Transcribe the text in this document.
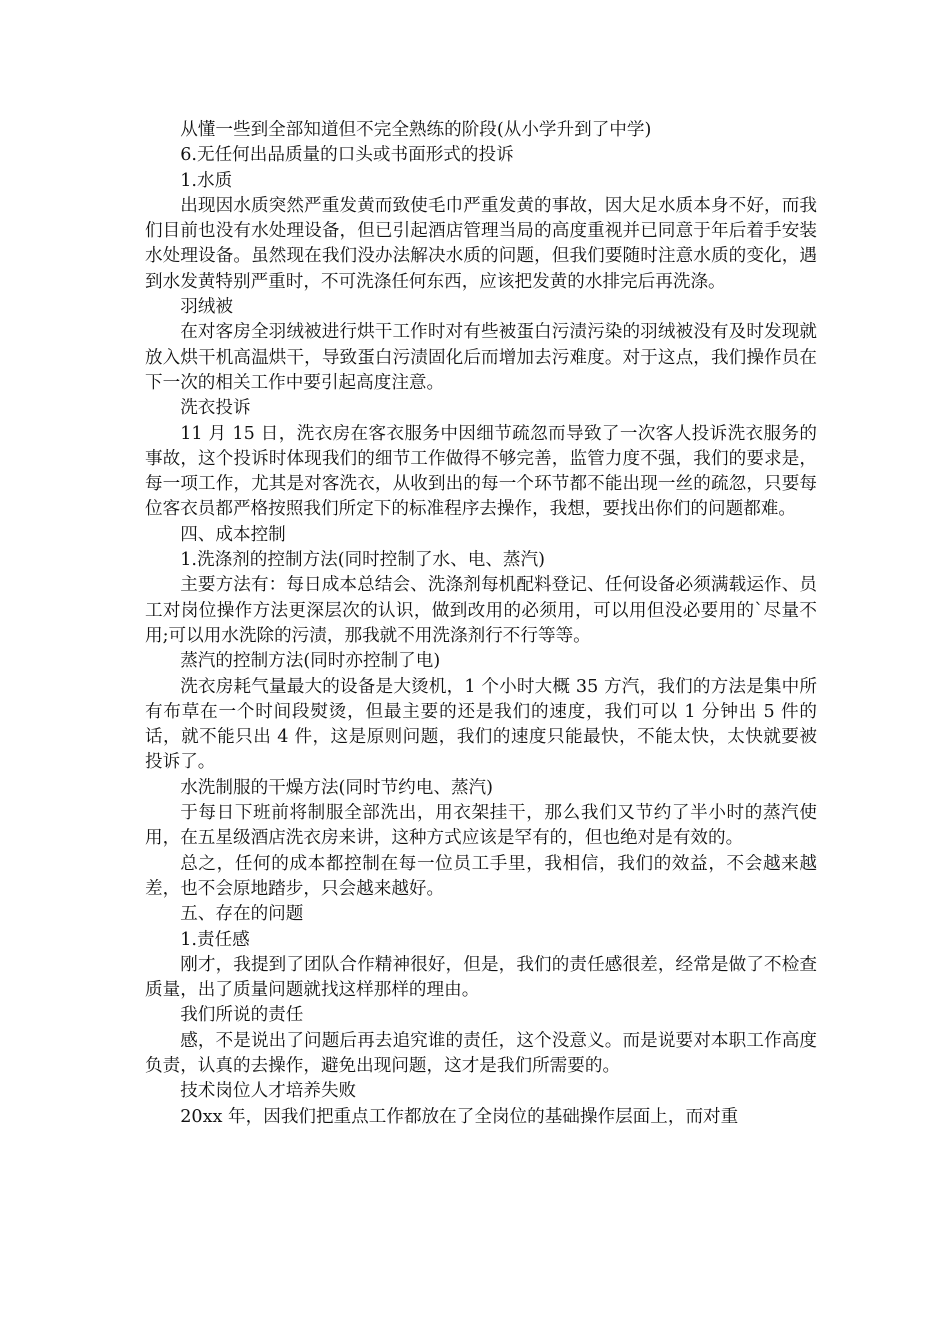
从懂一些到全部知道但不完全熟练的阶段(从小学升到了中学)

6.无任何出品质量的口头或书面形式的投诉

1.水质

出现因水质突然严重发黄而致使毛巾严重发黄的事故，因大足水质本身不好，而我们目前也没有水处理设备，但已引起酒店管理当局的高度重视并已同意于年后着手安装水处理设备。虽然现在我们没办法解决水质的问题，但我们要随时注意水质的变化，遇到水发黄特别严重时，不可洗涤任何东西，应该把发黄的水排完后再洗涤。

羽绒被

在对客房全羽绒被进行烘干工作时对有些被蛋白污渍污染的羽绒被没有及时发现就放入烘干机高温烘干，导致蛋白污渍固化后而增加去污难度。对于这点，我们操作员在下一次的相关工作中要引起高度注意。

洗衣投诉

11 月 15 日，洗衣房在客衣服务中因细节疏忽而导致了一次客人投诉洗衣服务的事故，这个投诉时体现我们的细节工作做得不够完善，监管力度不强，我们的要求是，每一项工作，尤其是对客洗衣，从收到出的每一个环节都不能出现一丝的疏忽，只要每位客衣员都严格按照我们所定下的标准程序去操作，我想，要找出你们的问题都难。

四、成本控制

1.洗涤剂的控制方法(同时控制了水、电、蒸汽)

主要方法有：每日成本总结会、洗涤剂每机配料登记、任何设备必须满载运作、员工对岗位操作方法更深层次的认识，做到改用的必须用，可以用但没必要用的`尽量不用;可以用水洗除的污渍，那我就不用洗涤剂行不行等等。

蒸汽的控制方法(同时亦控制了电)

洗衣房耗气量最大的设备是大烫机，1 个小时大概 35 方汽，我们的方法是集中所有布草在一个时间段熨烫，但最主要的还是我们的速度，我们可以 1 分钟出 5 件的话，就不能只出 4 件，这是原则问题，我们的速度只能最快，不能太快，太快就要被投诉了。

水洗制服的干燥方法(同时节约电、蒸汽)

于每日下班前将制服全部洗出，用衣架挂干，那么我们又节约了半小时的蒸汽使用，在五星级酒店洗衣房来讲，这种方式应该是罕有的，但也绝对是有效的。

总之，任何的成本都控制在每一位员工手里，我相信，我们的效益，不会越来越差，也不会原地踏步，只会越来越好。

五、存在的问题

1.责任感

刚才，我提到了团队合作精神很好，但是，我们的责任感很差，经常是做了不检查质量，出了质量问题就找这样那样的理由。

我们所说的责任

感，不是说出了问题后再去追究谁的责任，这个没意义。而是说要对本职工作高度负责，认真的去操作，避免出现问题，这才是我们所需要的。

技术岗位人才培养失败

20xx 年，因我们把重点工作都放在了全岗位的基础操作层面上，而对重
